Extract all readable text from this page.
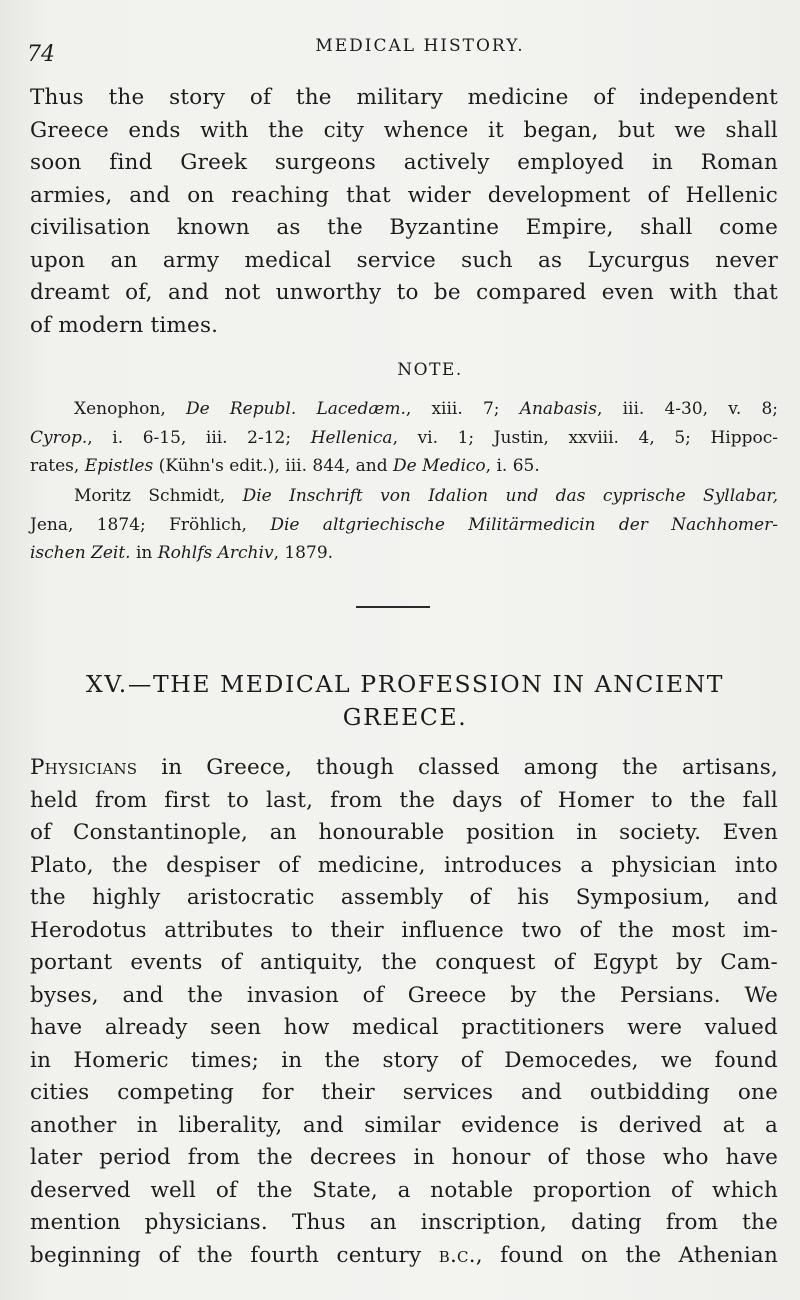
74	MEDICAL HISTORY.
Thus the story of the military medicine of independent
Greece ends with the city whence it began, but we shall
soon find Greek surgeons actively employed in Roman
armies, and on reaching that wider development of Hellenic
civilisation known as the Byzantine Empire, shall come
upon an army medical service such as Lycurgus never
dreamt of, and not unworthy to be compared even with that
of modern times.
NOTE.
Xenophon, De Republ. Lacedæm., xiii. 7; Anabasis, iii. 4-30, v. 8;
Cyrop., i. 6-15, iii. 2-12; Hellenica, vi. 1; Justin, xxviii. 4, 5; Hippoc-
rates, Epistles (Kühn's edit.), iii. 844, and De Medico, i. 65.
Moritz Schmidt, Die Inschrift von Idalion und das cyprische Syllabar,
Jena, 1874; Fröhlich, Die altgriechische Militärmedicin der Nachhomer-
ischen Zeit. in Rohlfs Archiv, 1879.
XV.—THE MEDICAL PROFESSION IN ANCIENT
GREECE.
Physicians in Greece, though classed among the artisans,
held from first to last, from the days of Homer to the fall
of Constantinople, an honourable position in society. Even
Plato, the despiser of medicine, introduces a physician into
the highly aristocratic assembly of his Symposium, and
Herodotus attributes to their influence two of the most im-
portant events of antiquity, the conquest of Egypt by Cam-
byses, and the invasion of Greece by the Persians. We
have already seen how medical practitioners were valued
in Homeric times; in the story of Democedes, we found
cities competing for their services and outbidding one
another in liberality, and similar evidence is derived at a
later period from the decrees in honour of those who have
deserved well of the State, a notable proportion of which
mention physicians. Thus an inscription, dating from the
beginning of the fourth century b.c., found on the Athenian
